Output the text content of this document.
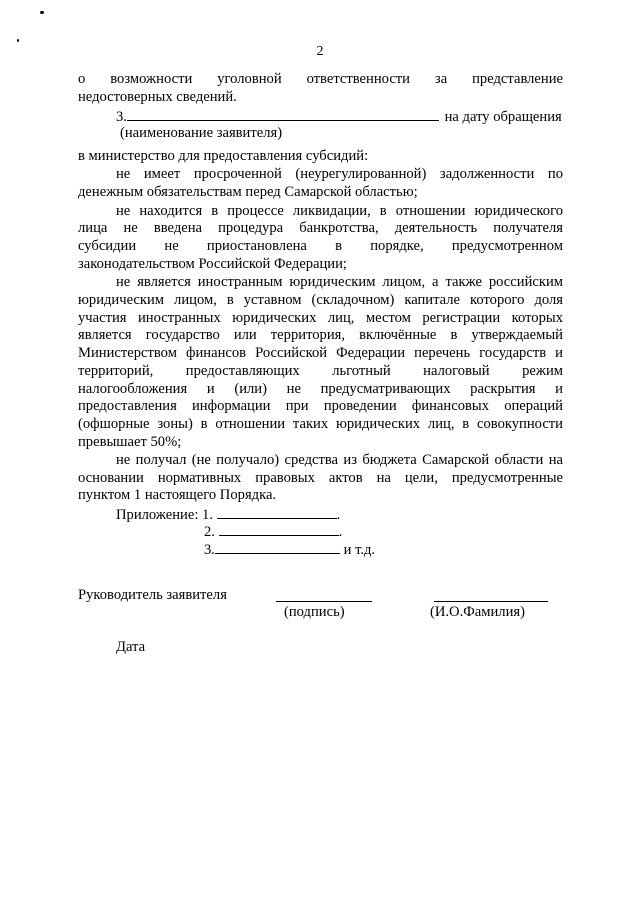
2
о возможности уголовной ответственности за представление
недостоверных сведений.
3.	на дату обращения
(наименование заявителя)
в министерство для предоставления субсидий:
не имеет просроченной (неурегулированной) задолженности по
денежным обязательствам перед Самарской областью;
не находится в процессе ликвидации, в отношении юридического
лица не введена процедура банкротства, деятельность получателя
субсидии не приостановлена в порядке, предусмотренном
законодательством Российской Федерации;
не является иностранным юридическим лицом, а также российским
юридическим лицом, в уставном (складочном) капитале которого доля
участия иностранных юридических лиц, местом регистрации которых
является государство или территория, включённые в утверждаемый
Министерством финансов Российской Федерации перечень государств и
территорий, предоставляющих льготный налоговый режим
налогообложения и (или) не предусматривающих раскрытия и
предоставления информации при проведении финансовых операций
(офшорные зоны) в отношении таких юридических лиц, в совокупности
превышает 50%;
не получал (не получало) средства из бюджета Самарской области на
основании нормативных правовых актов на цели, предусмотренные
пунктом 1 настоящего Порядка.
Приложение: 1.	.
2.	.
3.	и т.д.
Руководитель заявителя
(подпись)	(И.О.Фамилия)
Дата
